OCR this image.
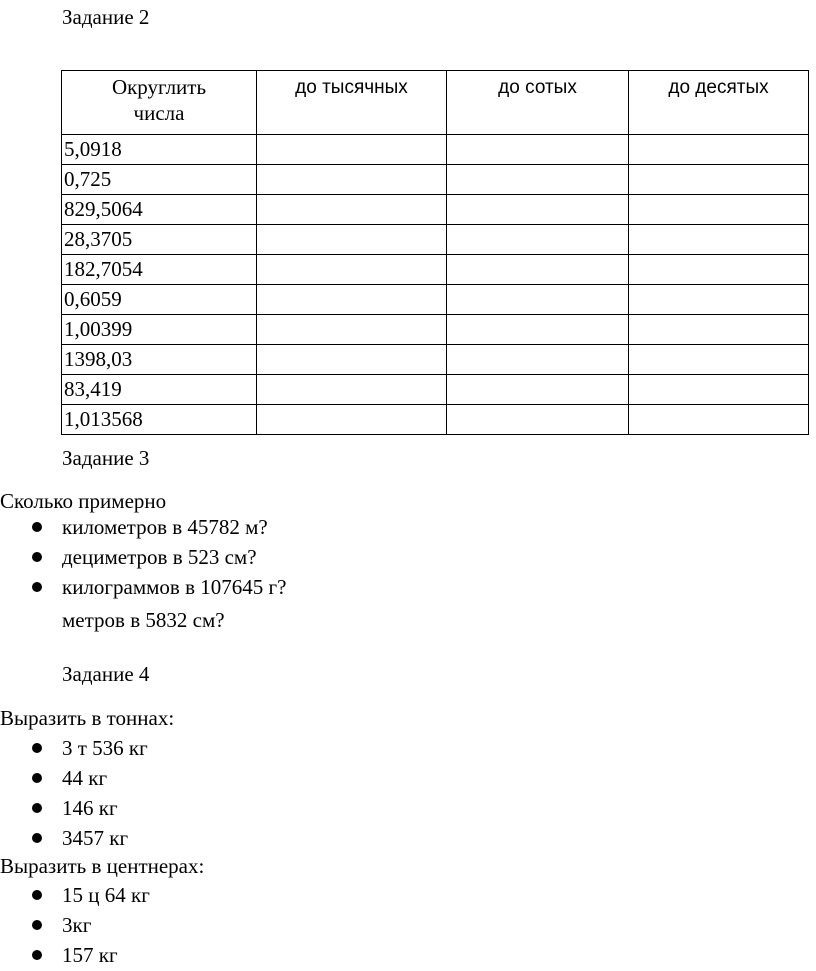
Задание 2
Округлить
числа	до тысячных	до сотых	до десятых
5,0918			
0,725			
829,5064			
28,3705			
182,7054			
0,6059			
1,00399			
1398,03			
83,419			
1,013568			
Задание 3
Сколько примерно
километров в 45782 м?
дециметров в 523 см?
килограммов в 107645 г?
метров в 5832 см?
Задание 4
Выразить в тоннах:
3 т 536 кг
44 кг
146 кг
3457 кг
Выразить в центнерах:
15 ц 64 кг
3кг
157 кг
